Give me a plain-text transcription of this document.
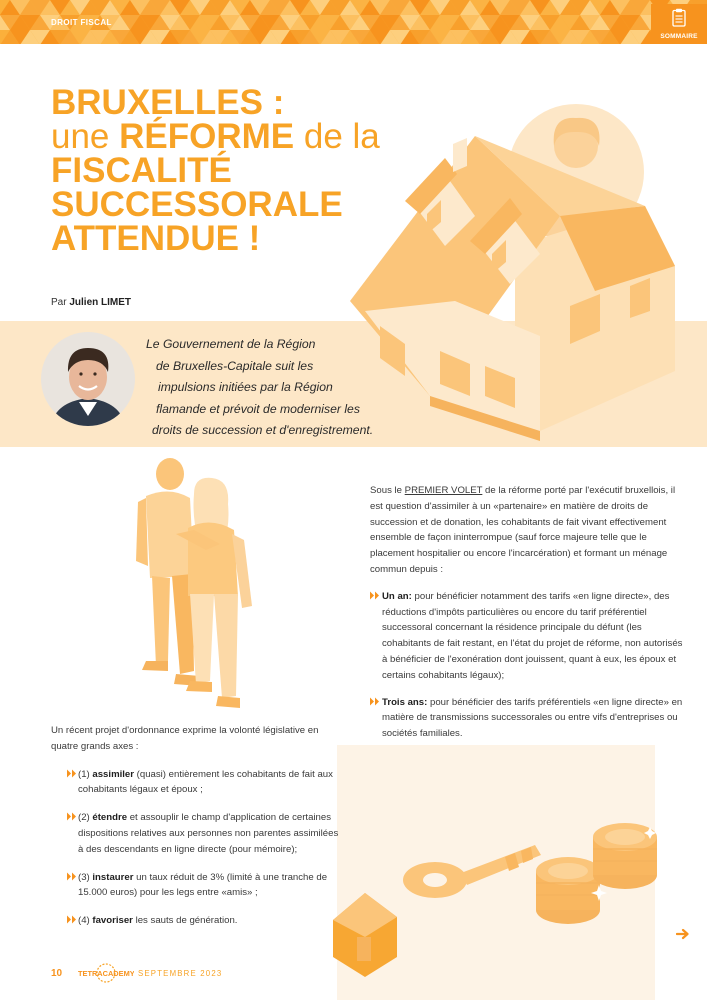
DROIT FISCAL
SOMMAIRE
BRUXELLES :
une RÉFORME de la
FISCALITÉ
SUCCESSORALE
ATTENDUE !
Par Julien LIMET
Le Gouvernement de la Région
de Bruxelles-Capitale suit les
impulsions initiées par la Région
flamande et prévoit de moderniser les
droits de succession et d'enregistrement.

Sous le PREMIER VOLET de la réforme porté par l'exécutif bruxellois, il est question d'assimiler à un «partenaire» en matière de droits de succession et de donation, les cohabitants de fait vivant effectivement ensemble de façon ininterrompue (sauf force majeure telle que le placement hospitalier ou encore l'incarcération) et formant un ménage commun depuis :

Un an: pour bénéficier notamment des tarifs «en ligne directe», des réductions d'impôts particulières ou encore du tarif préférentiel successoral concernant la résidence principale du défunt (les cohabitants de fait restant, en l'état du projet de réforme, non autorisés à bénéficier de l'exonération dont jouissent, quant à eux, les époux et certains cohabitants légaux);
Trois ans: pour bénéficier des tarifs préférentiels «en ligne directe» en matière de transmissions successorales ou entre vifs d'entreprises ou sociétés familiales.

Un récent projet d'ordonnance exprime la volonté législative en quatre grands axes :

(1) assimiler (quasi) entièrement les cohabitants de fait aux cohabitants légaux et époux ;
(2) étendre et assouplir le champ d'application de certaines dispositions relatives aux personnes non parentes assimilées à des descendants en ligne directe (pour mémoire);
(3) instaurer un taux réduit de 3% (limité à une tranche de 15.000 euros) pour les legs entre «amis» ;
(4) favoriser les sauts de génération.
10 TETRACADEMY SEPTEMBRE 2023
